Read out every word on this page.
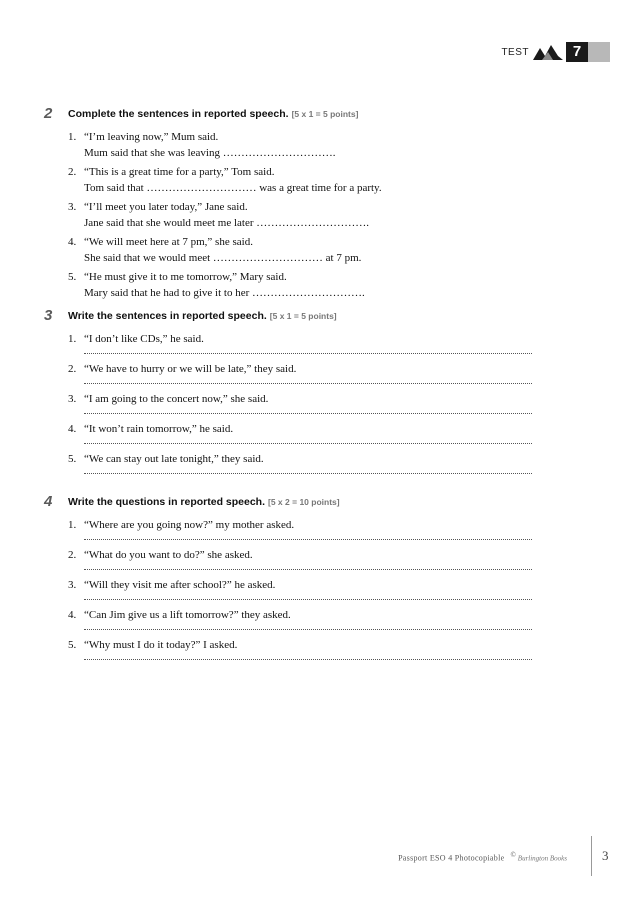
TEST	7
2 Complete the sentences in reported speech. [5 x 1 = 5 points]
1. “I’m leaving now,” Mum said.
Mum said that she was leaving ………………………….
2. “This is a great time for a party,” Tom said.
Tom said that ………………………… was a great time for a party.
3. “I’ll meet you later today,” Jane said.
Jane said that she would meet me later ………………………….
4. “We will meet here at 7 pm,” she said.
She said that we would meet ………………………… at 7 pm.
5. “He must give it to me tomorrow,” Mary said.
Mary said that he had to give it to her ………………………….
3 Write the sentences in reported speech. [5 x 1 = 5 points]
1. “I don’t like CDs,” he said.
2. “We have to hurry or we will be late,” they said.
3. “I am going to the concert now,” she said.
4. “It won’t rain tomorrow,” he said.
5. “We can stay out late tonight,” they said.
4 Write the questions in reported speech. [5 x 2 = 10 points]
1. “Where are you going now?” my mother asked.
2. “What do you want to do?” she asked.
3. “Will they visit me after school?” he asked.
4. “Can Jim give us a lift tomorrow?” they asked.
5. “Why must I do it today?” I asked.
Passport ESO 4 Photocopiable © Burlington Books	3
